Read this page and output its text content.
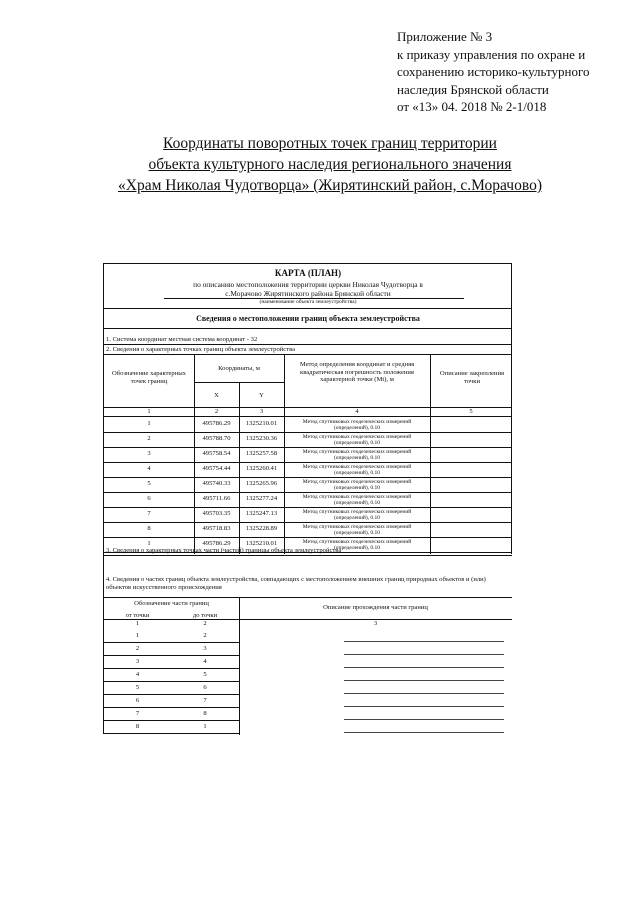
Приложение № 3
к приказу управления по охране и
сохранению историко-культурного
наследия Брянской области
от «13» 04. 2018 № 2-1/018
Координаты поворотных точек границ территории
объекта культурного наследия регионального значения
«Храм Николая Чудотворца» (Жирятинский район, с.Морачово)
КАРТА (ПЛАН)
по описанию местоположения территории церкви Николая Чудотворца в
с.Морачово Жирятинского района Брянской области
(наименование объекта землеустройства)
Сведения о местоположении границ объекта землеустройства
1. Система координат местная система координат - 32
2. Сведения о характерных точках границ объекта землеустройства
Обозначение характерных точек границ
Координаты, м
X	Y
Метод определения координат и средняя квадратическая погрешность положения характерной точки (Mt), м
Описание закрепления точки
1	2	3	4	5
1	495786.29	1325210.01	Метод спутниковых геодезических измерений (определений), 0.10
2	495788.70	1325230.36	Метод спутниковых геодезических измерений (определений), 0.10
3	495758.54	1325257.58	Метод спутниковых геодезических измерений (определений), 0.10
4	495754.44	1325260.41	Метод спутниковых геодезических измерений (определений), 0.10
5	495740.33	1325265.96	Метод спутниковых геодезических измерений (определений), 0.10
6	495711.66	1325277.24	Метод спутниковых геодезических измерений (определений), 0.10
7	495703.35	1325247.13	Метод спутниковых геодезических измерений (определений), 0.10
8	495718.83	1325228.89	Метод спутниковых геодезических измерений (определений), 0.10
1	495786.29	1325210.01	Метод спутниковых геодезических измерений (определений), 0.10
3. Сведения о характерных точках части (частей) границы объекта землеустройства
4. Сведения о частях границ объекта землеустройства, совпадающих с местоположением внешних границ природных объектов и (или) объектов искусственного происхождения
Обозначение части границ
от точки	до точки
Описание прохождения части границ
1	2	3
1	2
2	3
3	4
4	5
5	6
6	7
7	8
8	1
